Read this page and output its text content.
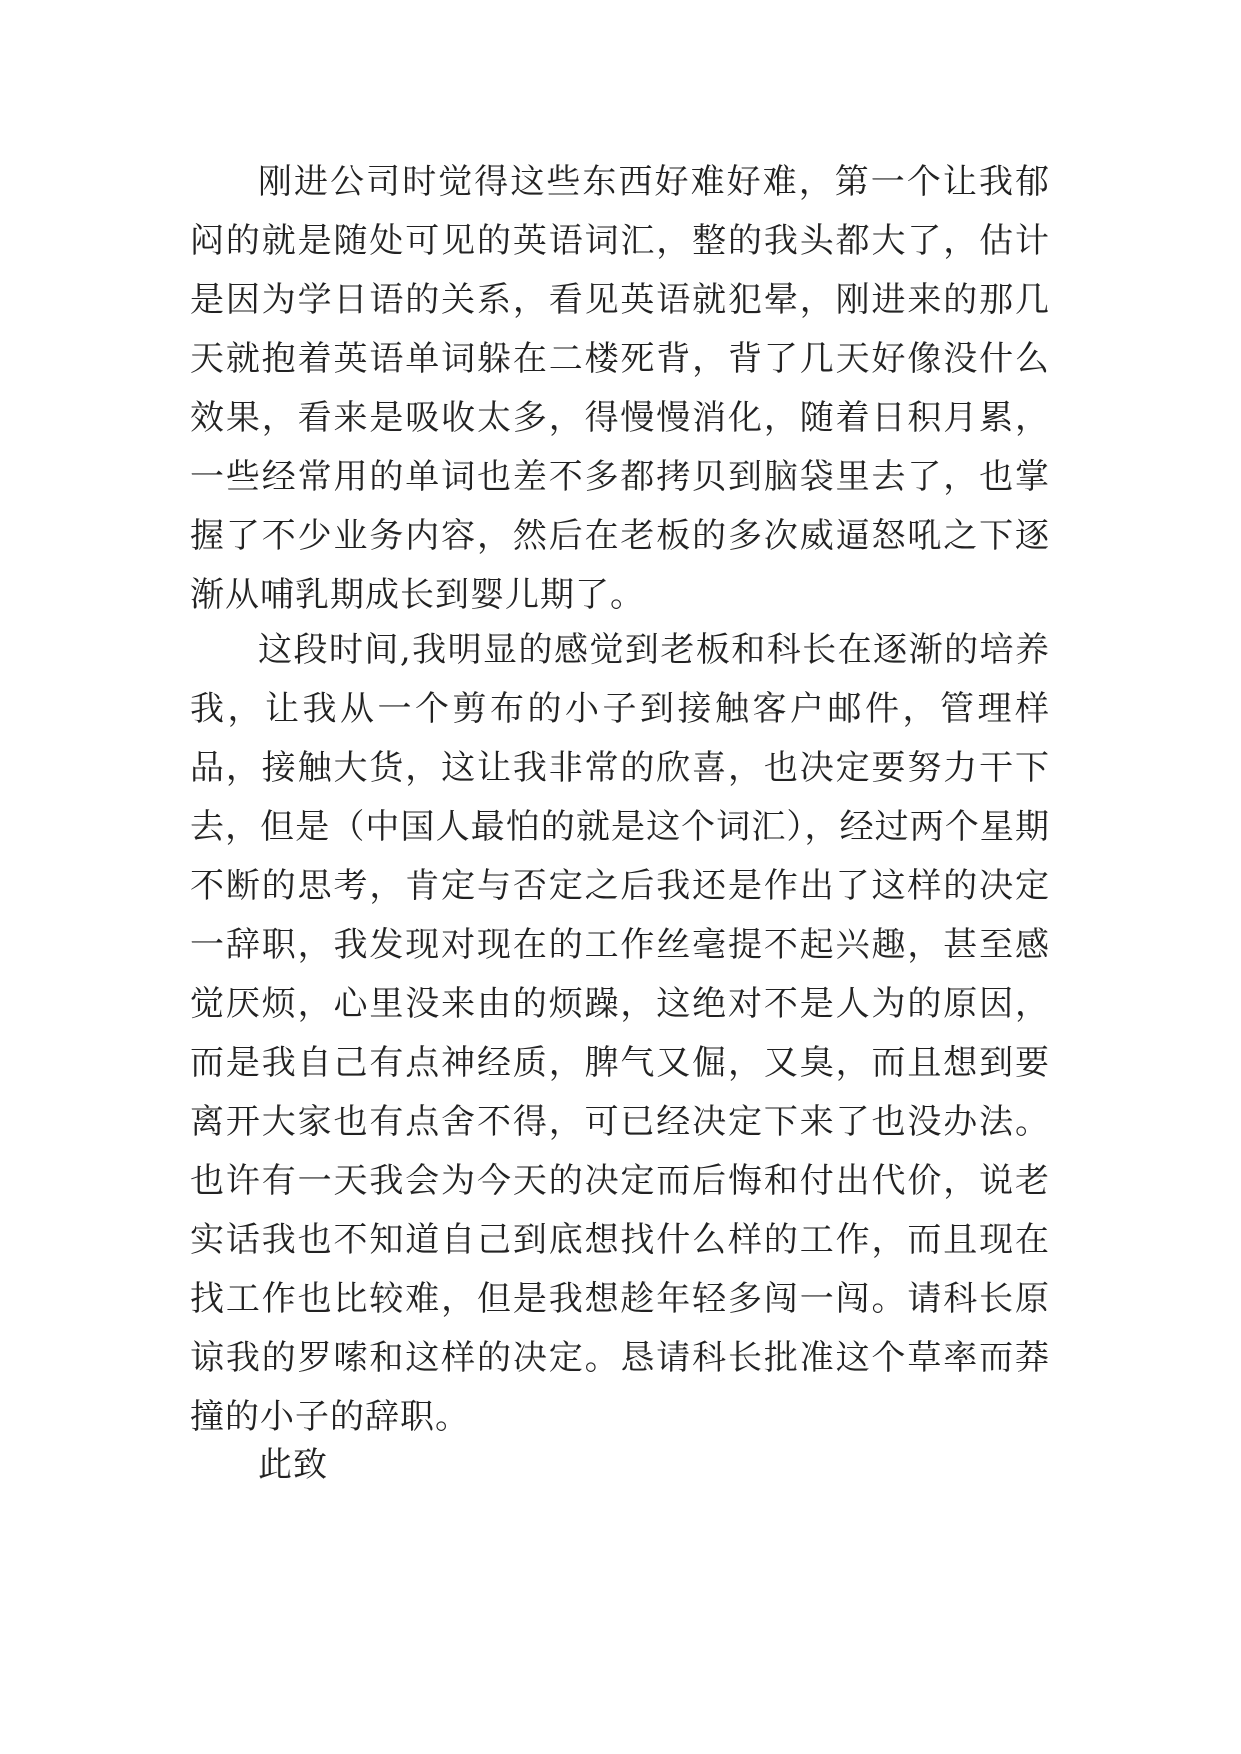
刚进公司时觉得这些东西好难好难，第一个让我郁闷的就是随处可见的英语词汇，整的我头都大了，估计是因为学日语的关系，看见英语就犯晕，刚进来的那几天就抱着英语单词躲在二楼死背，背了几天好像没什么效果，看来是吸收太多，得慢慢消化，随着日积月累，一些经常用的单词也差不多都拷贝到脑袋里去了，也掌握了不少业务内容，然后在老板的多次威逼怒吼之下逐渐从哺乳期成长到婴儿期了。

这段时间,我明显的感觉到老板和科长在逐渐的培养我，让我从一个剪布的小子到接触客户邮件，管理样品，接触大货，这让我非常的欣喜，也决定要努力干下去，但是（中国人最怕的就是这个词汇），经过两个星期不断的思考，肯定与否定之后我还是作出了这样的决定一辞职，我发现对现在的工作丝毫提不起兴趣，甚至感觉厌烦，心里没来由的烦躁，这绝对不是人为的原因，而是我自己有点神经质，脾气又倔，又臭，而且想到要离开大家也有点舍不得，可已经决定下来了也没办法。也许有一天我会为今天的决定而后悔和付出代价，说老实话我也不知道自己到底想找什么样的工作，而且现在找工作也比较难，但是我想趁年轻多闯一闯。请科长原谅我的罗嗦和这样的决定。恳请科长批准这个草率而莽撞的小子的辞职。

此致
